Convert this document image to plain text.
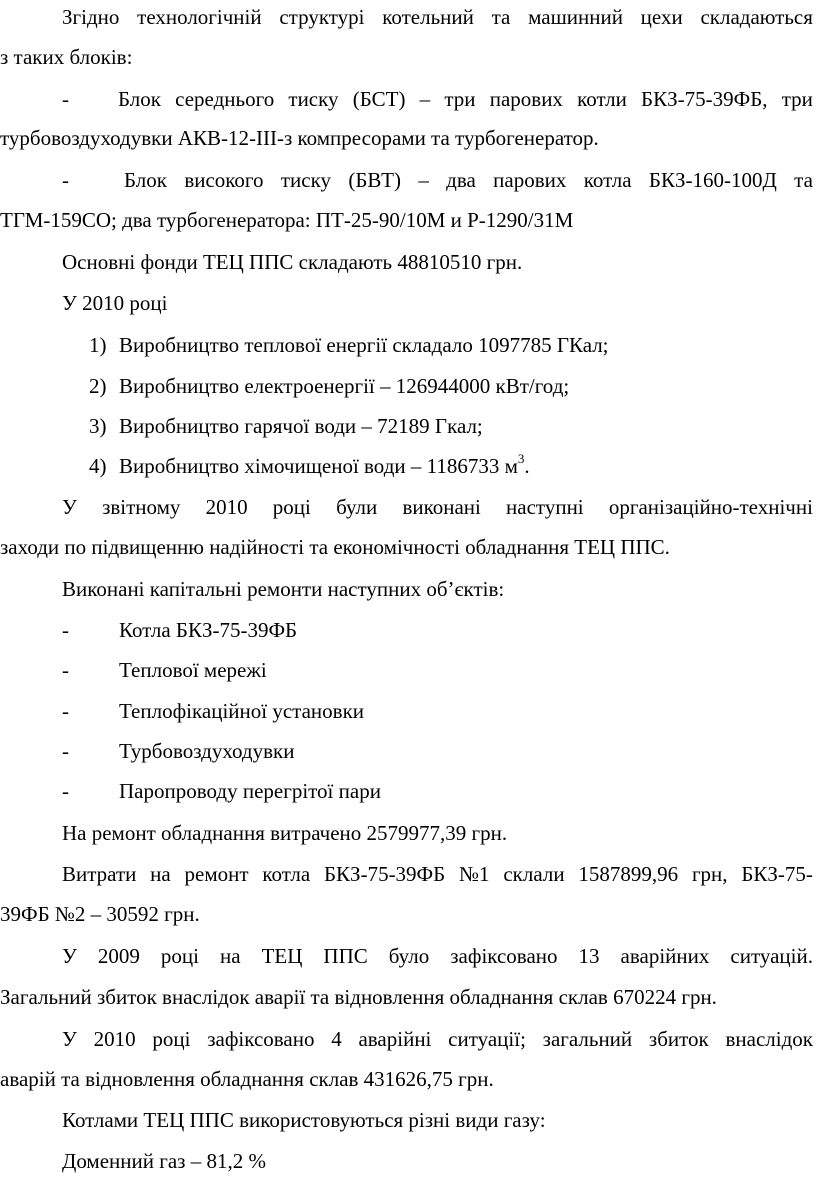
Згідно технологічній структурі котельний та машинний цехи складаються
з таких блоків:
- Блок середнього тиску (БСТ) – три парових котли БКЗ-75-39ФБ, три
турбовоздуходувки АКВ-12-III-з компресорами та турбогенератор.
-	Блок високого тиску (БВТ) – два парових котла БКЗ-160-100Д та
ТГМ-159СО; два турбогенератора: ПТ-25-90/10М и Р-1290/31М
Основні фонди ТЕЦ ППС складають 48810510 грн.
У 2010 році
1) Виробництво теплової енергії складало 1097785 ГКал;
2) Виробництво електроенергії – 126944000 кВт/год;
3) Виробництво гарячої води – 72189 Гкал;
4) Виробництво хімочищеної води – 1186733 $м^3$.
У звітному 2010 році були виконані наступні організаційно-технічні
заходи по підвищенню надійності та економічності обладнання ТЕЦ ППС.
Виконані капітальні ремонти наступних об’єктів:
- Котла БКЗ-75-39ФБ
- Теплової мережі
- Теплофікаційної установки
- Турбовоздуходувки
- Паропроводу перегрітої пари
На ремонт обладнання витрачено 2579977,39 грн.
Витрати на ремонт котла БКЗ-75-39ФБ №1 склали 1587899,96 грн, БКЗ-75-
39ФБ №2 – 30592 грн.
У 2009 році на ТЕЦ ППС було зафіксовано 13 аварійних ситуацій.
Загальний збиток внаслідок аварії та відновлення обладнання склав 670224 грн.
У 2010 році зафіксовано 4 аварійні ситуації; загальний збиток внаслідок
аварій та відновлення обладнання склав 431626,75 грн.
Котлами ТЕЦ ППС використовуються різні види газу:
Доменний газ – 81,2 %
